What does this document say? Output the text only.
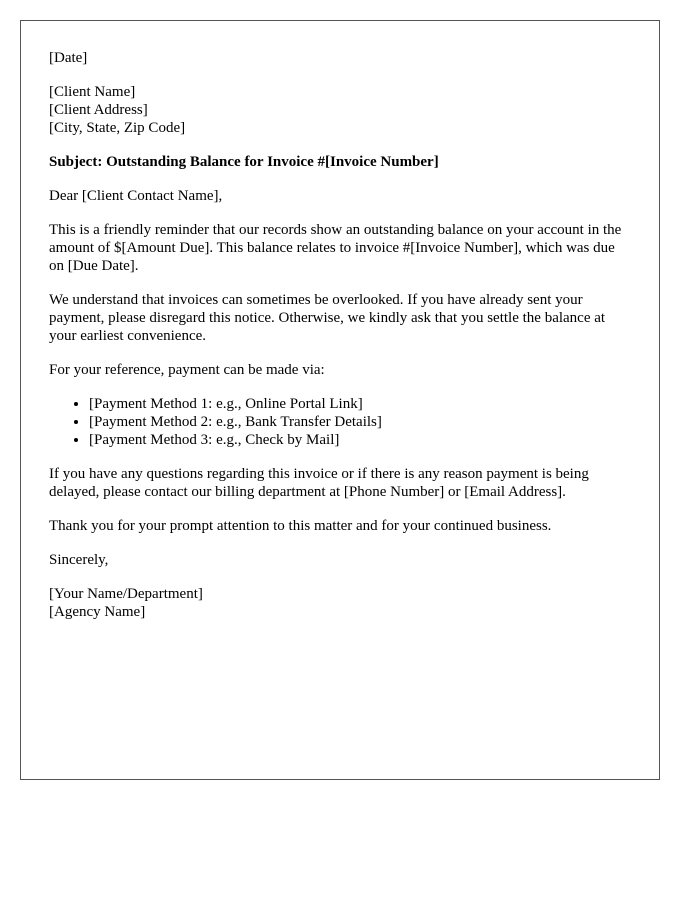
[Date]

[Client Name]
[Client Address]
[City, State, Zip Code]

Subject: Outstanding Balance for Invoice #[Invoice Number]

Dear [Client Contact Name],

This is a friendly reminder that our records show an outstanding balance on your account in the amount of $[Amount Due]. This balance relates to invoice #[Invoice Number], which was due on [Due Date].

We understand that invoices can sometimes be overlooked. If you have already sent your payment, please disregard this notice. Otherwise, we kindly ask that you settle the balance at your earliest convenience.

For your reference, payment can be made via:

• [Payment Method 1: e.g., Online Portal Link]
• [Payment Method 2: e.g., Bank Transfer Details]
• [Payment Method 3: e.g., Check by Mail]

If you have any questions regarding this invoice or if there is any reason payment is being delayed, please contact our billing department at [Phone Number] or [Email Address].

Thank you for your prompt attention to this matter and for your continued business.

Sincerely,

[Your Name/Department]
[Agency Name]
